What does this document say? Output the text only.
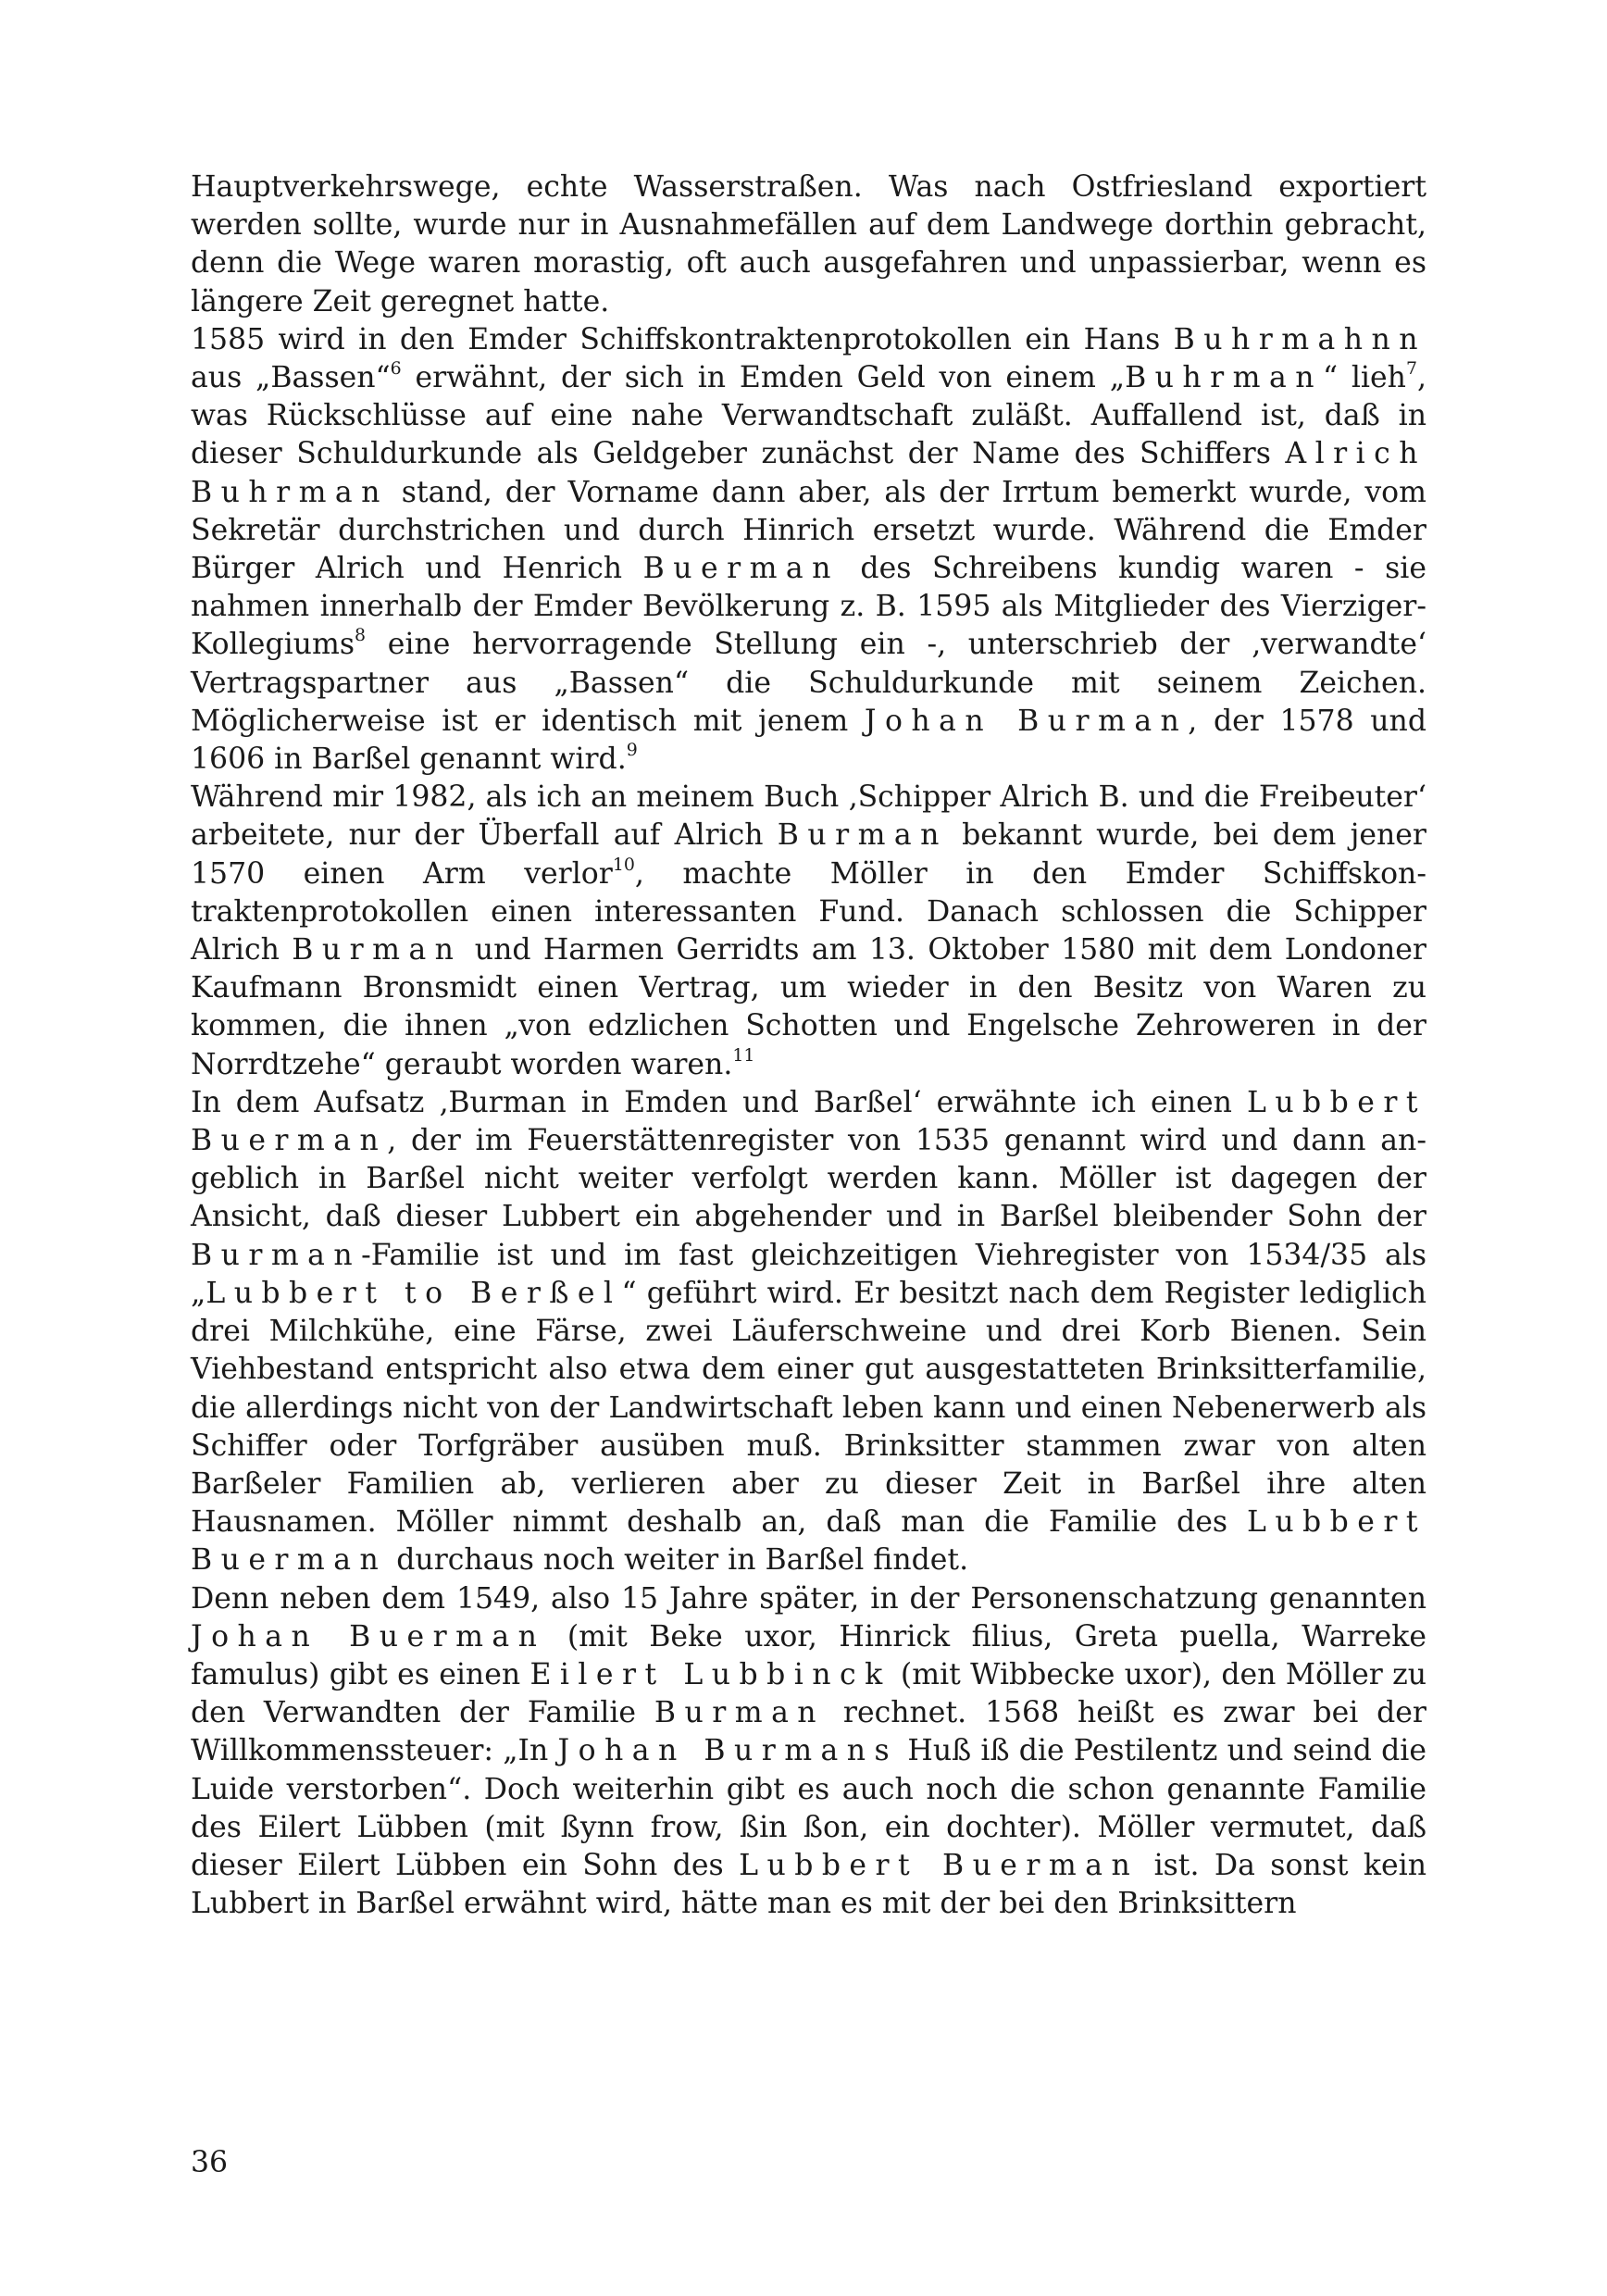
Hauptverkehrswege, echte Wasserstraßen. Was nach Ostfriesland exportiert werden sollte, wurde nur in Ausnahmefällen auf dem Landwege dorthin gebracht, denn die Wege waren morastig, oft auch ausgefahren und unpassierbar, wenn es längere Zeit geregnet hatte.

1585 wird in den Emder Schiffskontraktenprotokollen ein Hans Buhrmahnn aus „Bassen“$^6$ erwähnt, der sich in Emden Geld von einem „Buhrman“ lieh$^7$, was Rückschlüsse auf eine nahe Verwandtschaft zuläßt. Auffallend ist, daß in dieser Schuldurkunde als Geldgeber zunächst der Name des Schiffers Alrich Buhrman stand, der Vorname dann aber, als der Irrtum bemerkt wurde, vom Sekretär durchstrichen und durch Hinrich ersetzt wurde. Während die Emder Bürger Alrich und Henrich Buerman des Schreibens kundig waren - sie nahmen innerhalb der Emder Bevölkerung z. B. 1595 als Mitglieder des Vierziger-Kollegiums$^8$ eine hervorragende Stellung ein -, unterschrieb der ‚verwandte‘ Vertragspartner aus „Bassen“ die Schuldurkunde mit seinem Zeichen. Möglicherweise ist er identisch mit jenem Johan Burman, der 1578 und 1606 in Barßel genannt wird.$^9$

Während mir 1982, als ich an meinem Buch ‚Schipper Alrich B. und die Freibeuter‘ arbeitete, nur der Überfall auf Alrich Burman bekannt wurde, bei dem jener 1570 einen Arm verlor$^{10}$, machte Möller in den Emder Schiffskontraktenprotokollen einen interessanten Fund. Danach schlossen die Schipper Alrich Burman und Harmen Gerridts am 13. Oktober 1580 mit dem Londoner Kaufmann Bronsmidt einen Vertrag, um wieder in den Besitz von Waren zu kommen, die ihnen „von edzlichen Schotten und Engelsche Zehroweren in der Norrdtzehe“ geraubt worden waren.$^{11}$

In dem Aufsatz ‚Burman in Emden und Barßel‘ erwähnte ich einen Lubbert Buerman, der im Feuerstättenregister von 1535 genannt wird und dann angeblich in Barßel nicht weiter verfolgt werden kann. Möller ist dagegen der Ansicht, daß dieser Lubbert ein abgehender und in Barßel bleibender Sohn der Burman-Familie ist und im fast gleichzeitigen Viehregister von 1534/35 als „Lubbert to Berßel“ geführt wird. Er besitzt nach dem Register lediglich drei Milchkühe, eine Färse, zwei Läuferschweine und drei Korb Bienen. Sein Viehbestand entspricht also etwa dem einer gut ausgestatteten Brinksitterfamilie, die allerdings nicht von der Landwirtschaft leben kann und einen Nebenerwerb als Schiffer oder Torfgräber ausüben muß. Brinksitter stammen zwar von alten Barßeler Familien ab, verlieren aber zu dieser Zeit in Barßel ihre alten Hausnamen. Möller nimmt deshalb an, daß man die Familie des Lubbert Buerman durchaus noch weiter in Barßel findet.

Denn neben dem 1549, also 15 Jahre später, in der Personenschatzung genannten Johan Buerman (mit Beke uxor, Hinrick filius, Greta puella, Warreke famulus) gibt es einen Eilert Lubbinck (mit Wibbecke uxor), den Möller zu den Verwandten der Familie Burman rechnet. 1568 heißt es zwar bei der Willkommenssteuer: „In Johan Burmans Huß iß die Pestilentz und seind die Luide verstorben“. Doch weiterhin gibt es auch noch die schon genannte Familie des Eilert Lübben (mit ßynn frow, ßin ßon, ein dochter). Möller vermutet, daß dieser Eilert Lübben ein Sohn des Lubbert Buerman ist. Da sonst kein Lubbert in Barßel erwähnt wird, hätte man es mit der bei den Brinksittern

36
